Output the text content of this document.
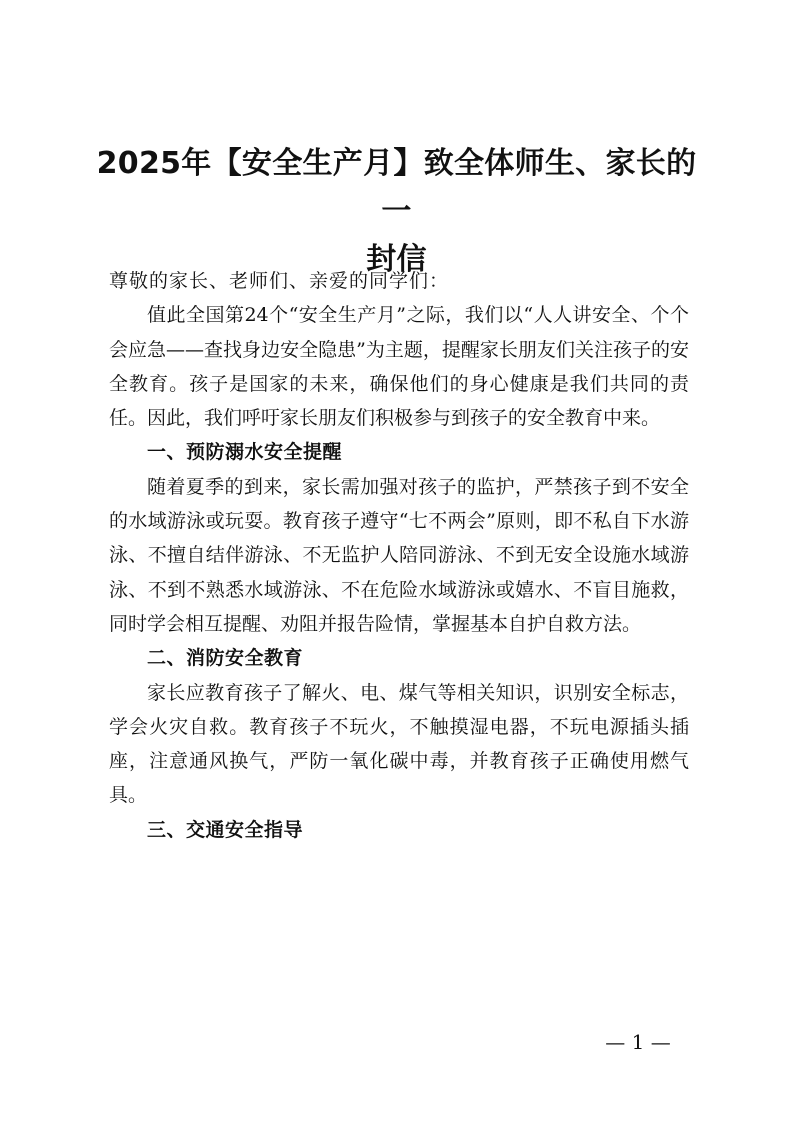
2025年【安全生产月】致全体师生、家长的一
封信

尊敬的家长、老师们、亲爱的同学们：

值此全国第24个“安全生产月”之际，我们以“人人讲安全、个个会应急——查找身边安全隐患”为主题，提醒家长朋友们关注孩子的安全教育。孩子是国家的未来，确保他们的身心健康是我们共同的责任。因此，我们呼吁家长朋友们积极参与到孩子的安全教育中来。

一、预防溺水安全提醒

随着夏季的到来，家长需加强对孩子的监护，严禁孩子到不安全的水域游泳或玩耍。教育孩子遵守“七不两会”原则，即不私自下水游泳、不擅自结伴游泳、不无监护人陪同游泳、不到无安全设施水域游泳、不到不熟悉水域游泳、不在危险水域游泳或嬉水、不盲目施救，同时学会相互提醒、劝阻并报告险情，掌握基本自护自救方法。

二、消防安全教育

家长应教育孩子了解火、电、煤气等相关知识，识别安全标志，学会火灾自救。教育孩子不玩火，不触摸湿电器，不玩电源插头插座，注意通风换气，严防一氧化碳中毒，并教育孩子正确使用燃气具。

三、交通安全指导

— 1 —
